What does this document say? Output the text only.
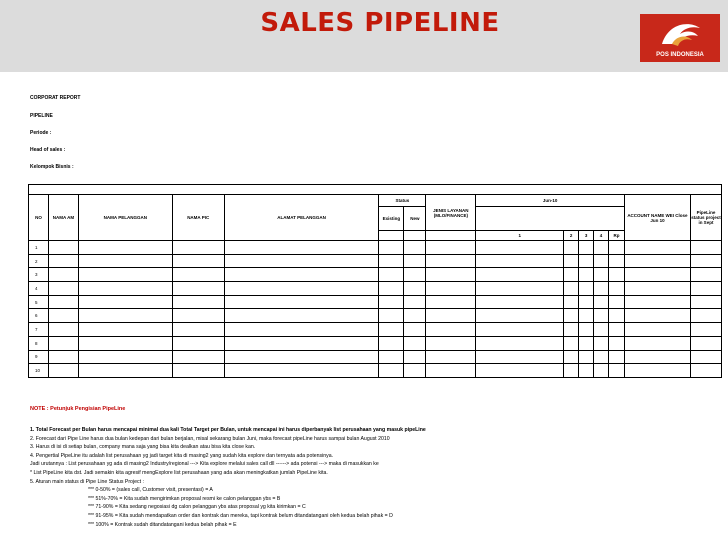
SALES PIPELINE
POS INDONESIA
CORPORAT REPORT
PIPELINE
Periode :
Head of sales :
Kelompok Bisnis :

NO	NAMA AM	NAMA PELANGGAN	NAMA PIC	ALAMAT PELANGGAN	Status		JENIS LAYANAN (MLO/FINANCE)	Jun-10					ACCOUNT NAME WEI Close Jun 10	PipeLine status project in Sept
					Existing	New								

								1	2	3	4	Rp		
1														
2														
3														
4														
5														
6														
7														
8														
9														
10														
NOTE : Petunjuk Pengisian PipeLine
1. Total Forecast per Bulan harus mencapai minimal dua kali Total Target per Bulan, untuk mencapai ini harus diperbanyak list perusahaan yang masuk pipeLine
2. Forecast dari Pipe Line harus dua bulan kedepan dari bulan berjalan, misal sekarang bulan Juni, maka forecast pipeLine harus sampai bulan August 2010
3. Harus di isi di setiap bulan, company mana saja yang bisa kita dealkan atau bisa kita close kan.
4. Pengertial PipeLine itu adalah list perusahaan yg jadi target kita di masing2 yang sudah kita explore dan ternyata ada potensinya.
Jadi urutannya : List perusahaan yg ada di masing2 Industry/regional ---> Kita explore melalui sales call dll ------> ada potensi ---> maka di masukkan ke
* List PipeLine kita dst. Jadi semakin kita agresif mengExplore list perusahaan yang ada akan meningkatkan jumlah PipeLine kita.
5. Aturan main status di Pipe Line Status Project :
*** 0-50% = (sales call, Customer visit, presentasi) = A
*** 51%-70% = Kita sudah mengirimkan proposal resmi ke calon pelanggan ybs = B
*** 71-90% = Kita sedang negosiasi dg calon pelanggan ybs atas proposal yg kita kirimkan = C
*** 91-95% = Kita sudah mendapatkan order dan kontrak dan mereka, tapi kontrak belum ditandatangani oleh kedua belah pihak = D
*** 100% = Kontrak sudah ditandatangani kedua belah pihak = E
